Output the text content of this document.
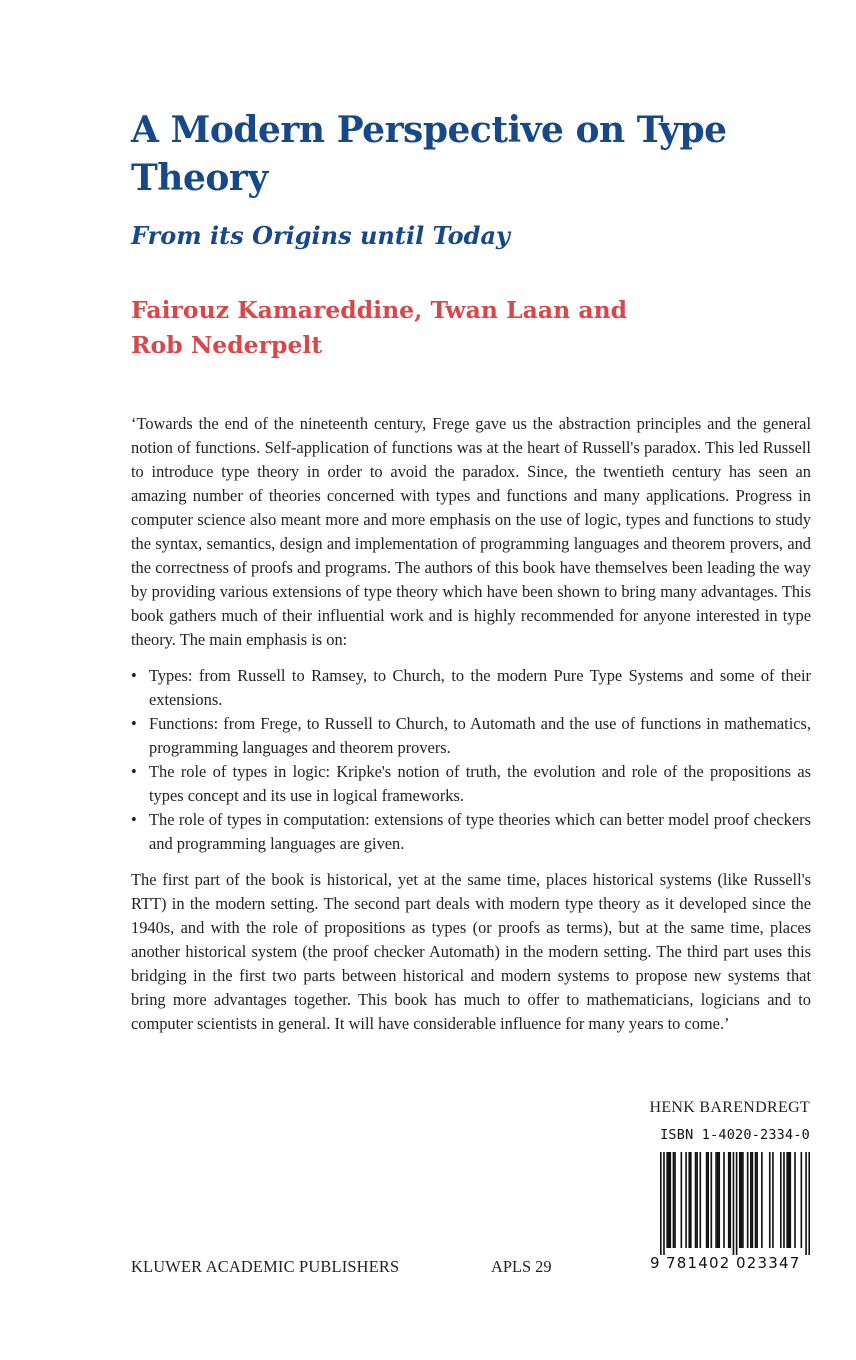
A Modern Perspective on Type Theory
From its Origins until Today
Fairouz Kamareddine, Twan Laan and Rob Nederpelt

‘Towards the end of the nineteenth century, Frege gave us the abstraction principles and the general notion of functions. Self-application of functions was at the heart of Russell's paradox. This led Russell to introduce type theory in order to avoid the paradox. Since, the twentieth century has seen an amazing number of theories concerned with types and functions and many applications. Progress in computer science also meant more and more emphasis on the use of logic, types and functions to study the syntax, semantics, design and implementation of programming languages and theorem provers, and the correctness of proofs and programs. The authors of this book have themselves been leading the way by providing various extensions of type theory which have been shown to bring many advantages. This book gathers much of their influential work and is highly recommended for anyone interested in type theory. The main emphasis is on:

• Types: from Russell to Ramsey, to Church, to the modern Pure Type Systems and some of their extensions.
• Functions: from Frege, to Russell to Church, to Automath and the use of functions in mathematics, programming languages and theorem provers.
• The role of types in logic: Kripke's notion of truth, the evolution and role of the propositions as types concept and its use in logical frameworks.
• The role of types in computation: extensions of type theories which can better model proof checkers and programming languages are given.

The first part of the book is historical, yet at the same time, places historical systems (like Russell's RTT) in the modern setting. The second part deals with modern type theory as it developed since the 1940s, and with the role of propositions as types (or proofs as terms), but at the same time, places another historical system (the proof checker Automath) in the modern setting. The third part uses this bridging in the first two parts between historical and modern systems to propose new systems that bring more advantages together. This book has much to offer to mathematicians, logicians and to computer scientists in general. It will have considerable influence for many years to come.’

HENK BARENDREGT
ISBN 1-4020-2334-0
9 781402 023347
KLUWER ACADEMIC PUBLISHERS	APLS 29
